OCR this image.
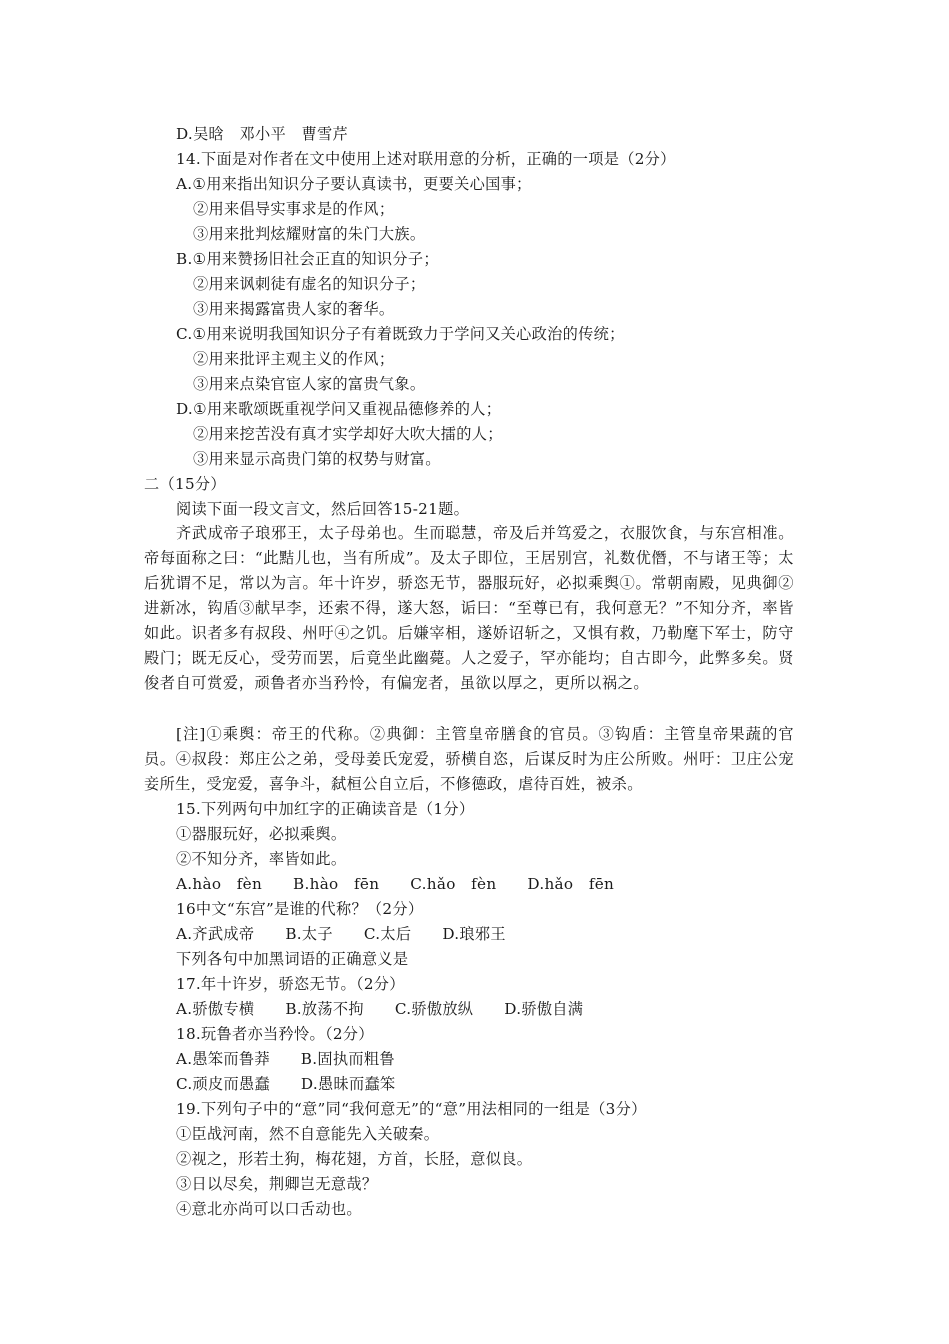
D.吴晗　邓小平　曹雪芹
14.下面是对作者在文中使用上述对联用意的分析，正确的一项是（2分）
A.①用来指出知识分子要认真读书，更要关心国事；
②用来倡导实事求是的作风；
③用来批判炫耀财富的朱门大族。
B.①用来赞扬旧社会正直的知识分子；
②用来讽刺徒有虚名的知识分子；
③用来揭露富贵人家的奢华。
C.①用来说明我国知识分子有着既致力于学问又关心政治的传统；
②用来批评主观主义的作风；
③用来点染官宦人家的富贵气象。
D.①用来歌颂既重视学问又重视品德修养的人；
②用来挖苦没有真才实学却好大吹大擂的人；
③用来显示高贵门第的权势与财富。
二（15分）
阅读下面一段文言文，然后回答15-21题。
齐武成帝子琅邪王，太子母弟也。生而聪慧，帝及后并笃爱之，衣服饮食，与东宫相准。帝每面称之曰：“此黠儿也，当有所成”。及太子即位，王居别宫，礼数优僭，不与诸王等；太后犹谓不足，常以为言。年十许岁，骄恣无节，器服玩好，必拟乘舆①。常朝南殿，见典御②进新冰，钩盾③献早李，还索不得，遂大怒，诟曰：“至尊已有，我何意无？”不知分齐，率皆如此。识者多有叔段、州吁④之饥。后嫌宰相，遂娇诏斩之，又惧有救，乃勒麾下军士，防守殿门；既无反心，受劳而罢，后竟坐此幽薨。人之爱子，罕亦能均；自古即今，此弊多矣。贤俊者自可赏爱，顽鲁者亦当矜怜，有偏宠者，虽欲以厚之，更所以祸之。
[注]①乘舆：帝王的代称。②典御：主管皇帝膳食的官员。③钩盾：主管皇帝果蔬的官员。④叔段：郑庄公之弟，受母姜氏宠爱，骄横自恣，后谋反时为庄公所败。州吁：卫庄公宠妾所生，受宠爱，喜争斗，弑桓公自立后，不修德政，虐待百姓，被杀。
15.下列两句中加红字的正确读音是（1分）
①器服玩好，必拟乘舆。
②不知分齐，率皆如此。
A.hào　fèn　　B.hào　fēn　　C.hǎo　fèn　　D.hǎo　fēn
16中文“东宫”是谁的代称？（2分）
A.齐武成帝　　B.太子　　C.太后　　D.琅邪王
下列各句中加黑词语的正确意义是
17.年十许岁，骄恣无节。（2分）
A.骄傲专横　　B.放荡不拘　　C.骄傲放纵　　D.骄傲自满
18.玩鲁者亦当矜怜。（2分）
A.愚笨而鲁莽　　B.固执而粗鲁
C.顽皮而愚蠢　　D.愚昧而蠢笨
19.下列句子中的“意”同“我何意无”的“意”用法相同的一组是（3分）
①臣战河南，然不自意能先入关破秦。
②视之，形若土狗，梅花翅，方首，长胫，意似良。
③日以尽矣，荆卿岂无意哉？
④意北亦尚可以口舌动也。
